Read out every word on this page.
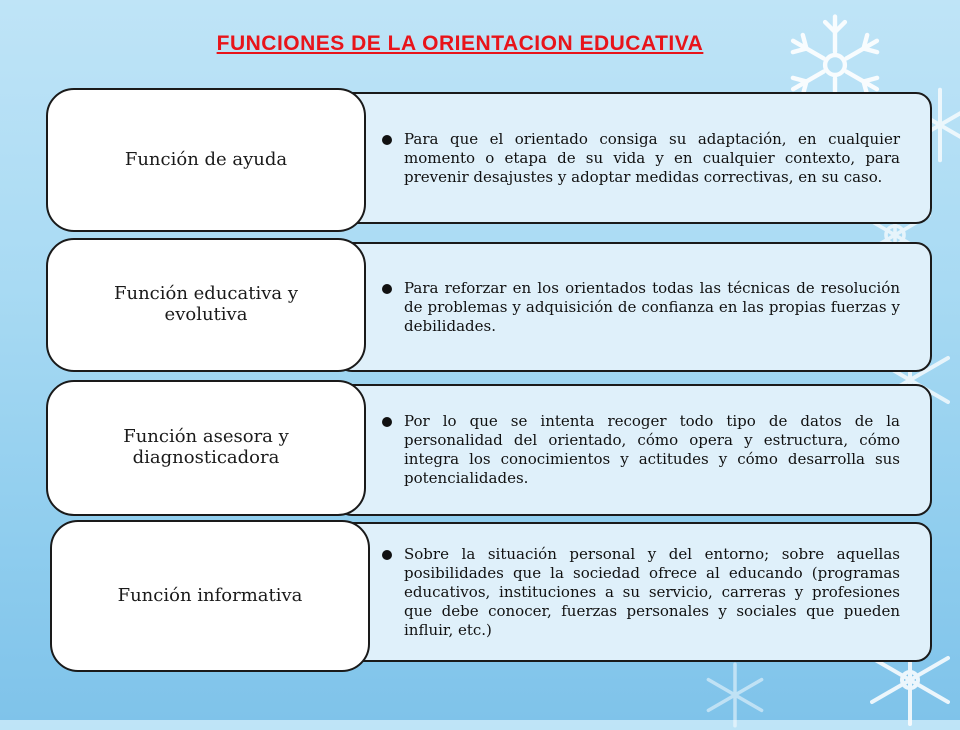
FUNCIONES DE LA ORIENTACION EDUCATIVA
Para que el orientado consiga su adaptación, en cualquier momento o etapa de su vida y en cualquier contexto, para prevenir desajustes y adoptar medidas correctivas, en su caso.
Función de ayuda
Para reforzar en los orientados todas las técnicas de resolución de problemas y adquisición de confianza en las propias fuerzas y debilidades.
Función educativa y evolutiva
Por lo que se intenta recoger todo tipo de datos de la personalidad del orientado, cómo opera y estructura, cómo integra los conocimientos y actitudes y cómo desarrolla sus potencialidades.
Función asesora y diagnosticadora
Sobre la situación personal y del entorno; sobre aquellas posibilidades que la sociedad ofrece al educando (programas educativos, instituciones a su servicio, carreras y profesiones que debe conocer, fuerzas personales y sociales que pueden influir, etc.)
Función informativa
